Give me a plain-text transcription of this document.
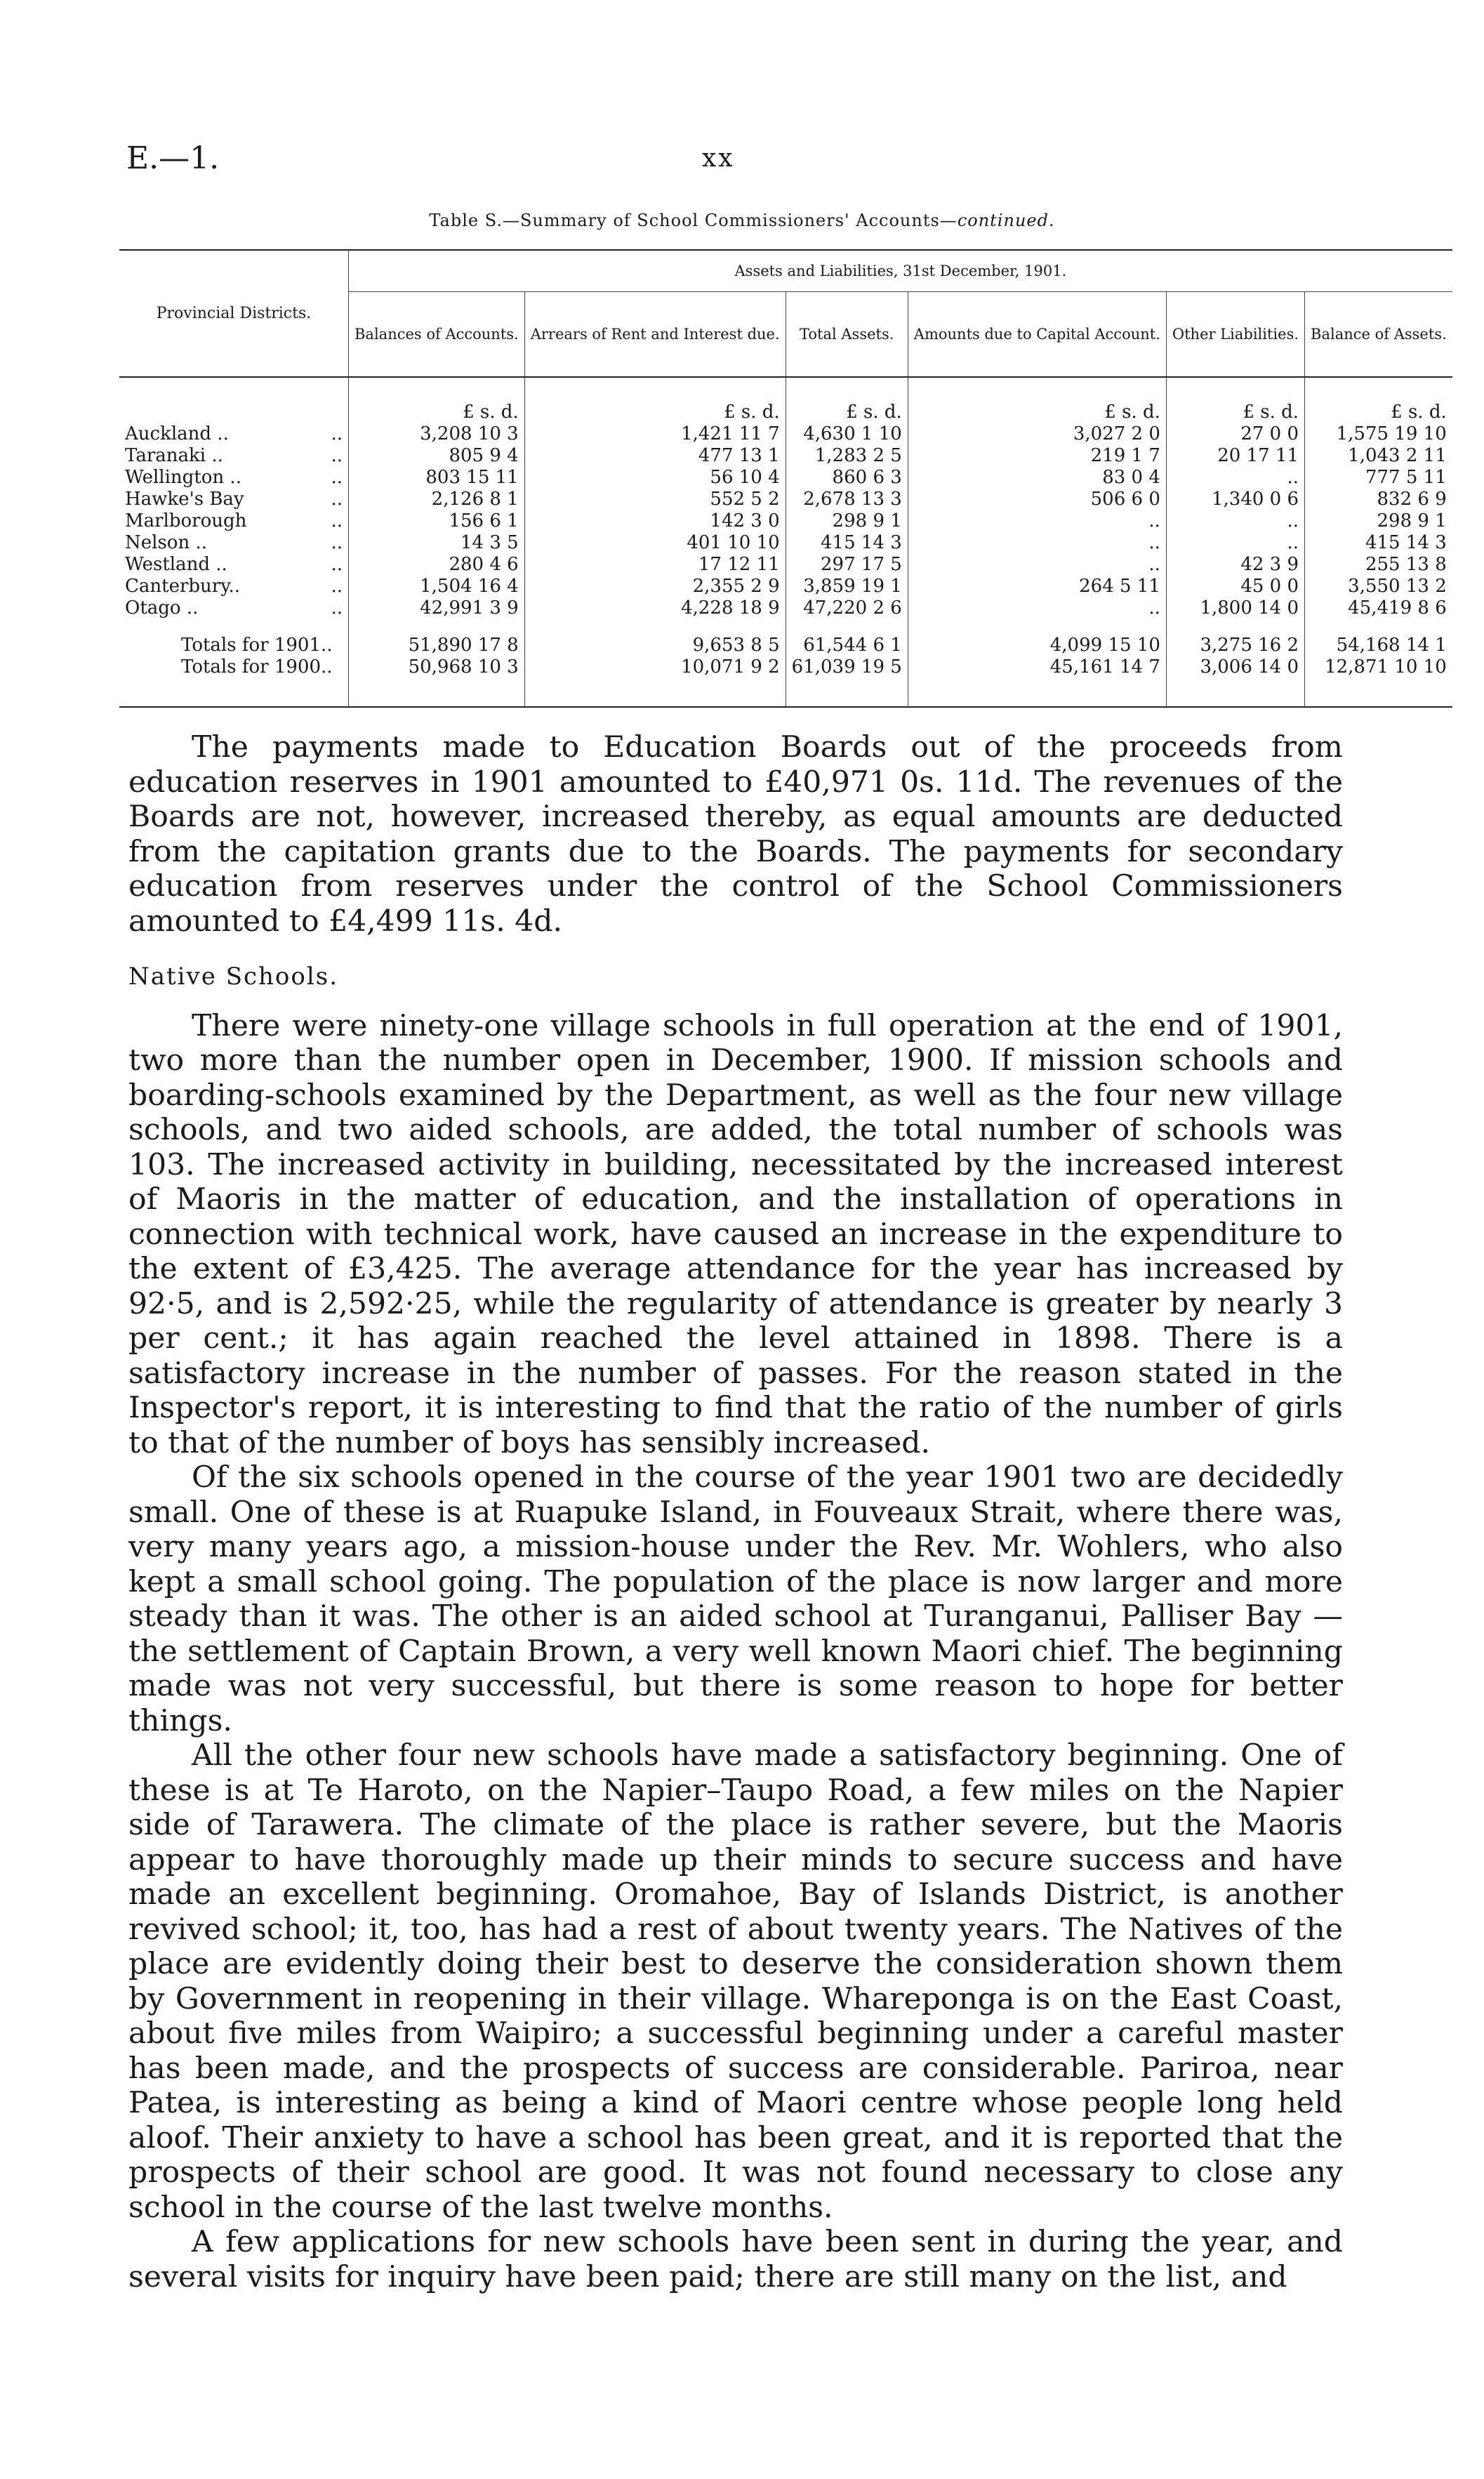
E.—1.	xx
Table S.—Summary of School Commissioners' Accounts—continued.

Provincial Districts.	Assets and Liabilities, 31st December, 1901.					
	Balances of Accounts.	Arrears of Rent and Interest due.	Total Assets.	Amounts due to Capital Account.	Other Liabilities.	Balance of Assets.

	£ s. d.	£ s. d.	£ s. d.	£ s. d.	£ s. d.	£ s. d.
Auckland .. ..	3,208 10 3	1,421 11 7	4,630 1 10	3,027 2 0	27 0 0	1,575 19 10
Taranaki .. ..	805 9 4	477 13 1	1,283 2 5	219 1 7	20 17 11	1,043 2 11
Wellington .. ..	803 15 11	56 10 4	860 6 3	83 0 4	..	777 5 11
Hawke's Bay ..	2,126 8 1	552 5 2	2,678 13 3	506 6 0	1,340 0 6	832 6 9
Marlborough ..	156 6 1	142 3 0	298 9 1	..	..	298 9 1
Nelson .. ..	14 3 5	401 10 10	415 14 3	..	..	415 14 3
Westland .. ..	280 4 6	17 12 11	297 17 5	..	42 3 9	255 13 8
Canterbury.. ..	1,504 16 4	2,355 2 9	3,859 19 1	264 5 11	45 0 0	3,550 13 2
Otago .. ..	42,991 3 9	4,228 18 9	47,220 2 6	..	1,800 14 0	45,419 8 6
Totals for 1901..	51,890 17 8	9,653 8 5	61,544 6 1	4,099 15 10	3,275 16 2	54,168 14 1
Totals for 1900..	50,968 10 3	10,071 9 2	61,039 19 5	45,161 14 7	3,006 14 0	12,871 10 10

The payments made to Education Boards out of the proceeds from education reserves in 1901 amounted to £40,971 0s. 11d. The revenues of the Boards are not, however, increased thereby, as equal amounts are deducted from the capitation grants due to the Boards. The payments for secondary education from reserves under the control of the School Commissioners amounted to £4,499 11s. 4d.

Native Schools.

There were ninety-one village schools in full operation at the end of 1901, two more than the number open in December, 1900. If mission schools and boarding-schools examined by the Department, as well as the four new village schools, and two aided schools, are added, the total number of schools was 103. The increased activity in building, necessitated by the increased interest of Maoris in the matter of education, and the installation of operations in connection with technical work, have caused an increase in the expenditure to the extent of £3,425. The average attendance for the year has increased by 92·5, and is 2,592·25, while the regularity of attendance is greater by nearly 3 per cent.; it has again reached the level attained in 1898. There is a satisfactory increase in the number of passes. For the reason stated in the Inspector's report, it is interesting to find that the ratio of the number of girls to that of the number of boys has sensibly increased.

Of the six schools opened in the course of the year 1901 two are decidedly small. One of these is at Ruapuke Island, in Fouveaux Strait, where there was, very many years ago, a mission-house under the Rev. Mr. Wohlers, who also kept a small school going. The population of the place is now larger and more steady than it was. The other is an aided school at Turanganui, Palliser Bay —the settlement of Captain Brown, a very well known Maori chief. The beginning made was not very successful, but there is some reason to hope for better things.

All the other four new schools have made a satisfactory beginning. One of these is at Te Haroto, on the Napier–Taupo Road, a few miles on the Napier side of Tarawera. The climate of the place is rather severe, but the Maoris appear to have thoroughly made up their minds to secure success and have made an excellent beginning. Oromahoe, Bay of Islands District, is another revived school; it, too, has had a rest of about twenty years. The Natives of the place are evidently doing their best to deserve the consideration shown them by Government in reopening in their village. Whareponga is on the East Coast, about five miles from Waipiro; a successful beginning under a careful master has been made, and the prospects of success are considerable. Pariroa, near Patea, is interesting as being a kind of Maori centre whose people long held aloof. Their anxiety to have a school has been great, and it is reported that the prospects of their school are good. It was not found necessary to close any school in the course of the last twelve months.

A few applications for new schools have been sent in during the year, and several visits for inquiry have been paid; there are still many on the list, and
